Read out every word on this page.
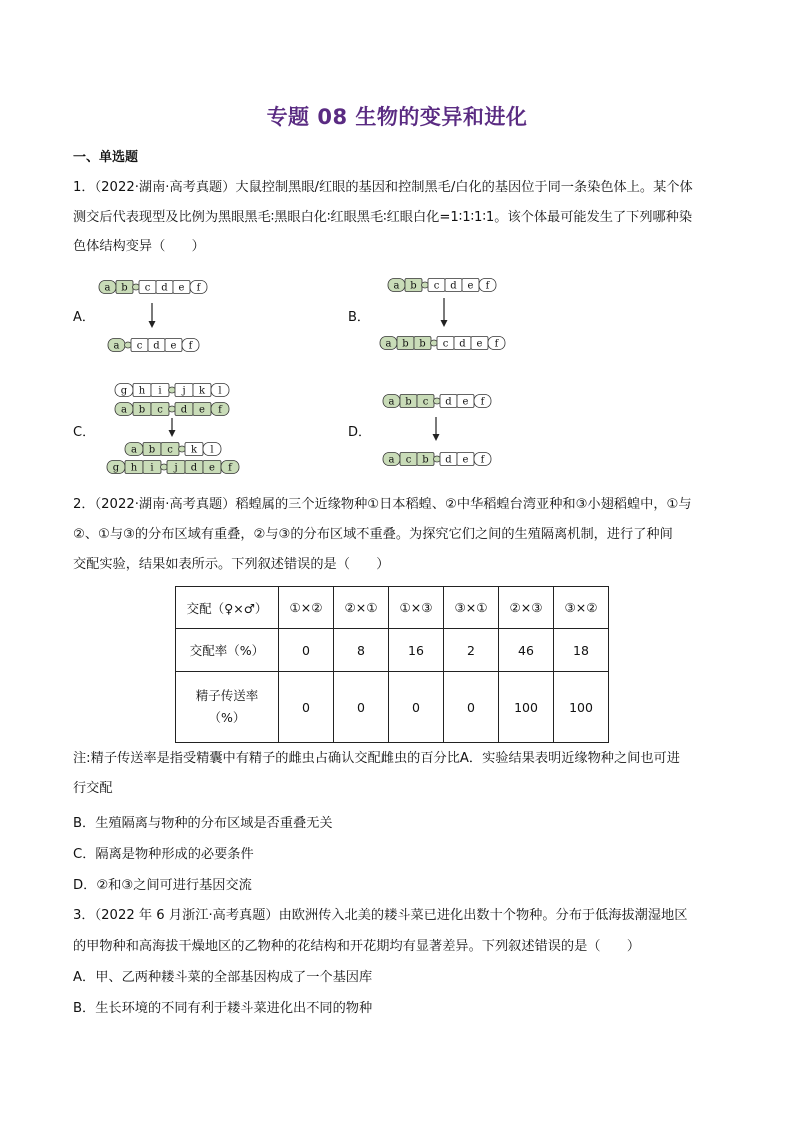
专题 08 生物的变异和进化
一、单选题
1．（2022·湖南·高考真题）大鼠控制黑眼/红眼的基因和控制黑毛/白化的基因位于同一条染色体上。某个体
测交后代表现型及比例为黑眼黑毛∶黑眼白化∶红眼黑毛∶红眼白化=1∶1∶1∶1。该个体最可能发生了下列哪种染
色体结构变异（　　）
A．	B．
C．	D．
a b c d e f
a c d e f
a b c d e f
a b b c d e f
g h i j k l
a b c d e f
a b c k l
g h i j d e f
a b c d e f
a c b d e f
2．（2022·湖南·高考真题）稻蝗属的三个近缘物种①日本稻蝗、②中华稻蝗台湾亚种和③小翅稻蝗中，①与
②、①与③的分布区域有重叠，②与③的分布区域不重叠。为探究它们之间的生殖隔离机制，进行了种间
交配实验，结果如表所示。下列叙述错误的是（　　）
交配（♀×♂）	①×②	②×①	①×③	③×①	②×③	③×②
交配率（%）	0	8	16	2	46	18

精子传送率
（%）	0	0	0	0	100	100
注:精子传送率是指受精囊中有精子的雌虫占确认交配雌虫的百分比A．实验结果表明近缘物种之间也可进
行交配
B．生殖隔离与物种的分布区域是否重叠无关
C．隔离是物种形成的必要条件
D．②和③之间可进行基因交流
3．（2022 年 6 月浙江·高考真题）由欧洲传入北美的耧斗菜已进化出数十个物种。分布于低海拔潮湿地区
的甲物种和高海拔干燥地区的乙物种的花结构和开花期均有显著差异。下列叙述错误的是（　　）
A．甲、乙两种耧斗菜的全部基因构成了一个基因库
B．生长环境的不同有利于耧斗菜进化出不同的物种
